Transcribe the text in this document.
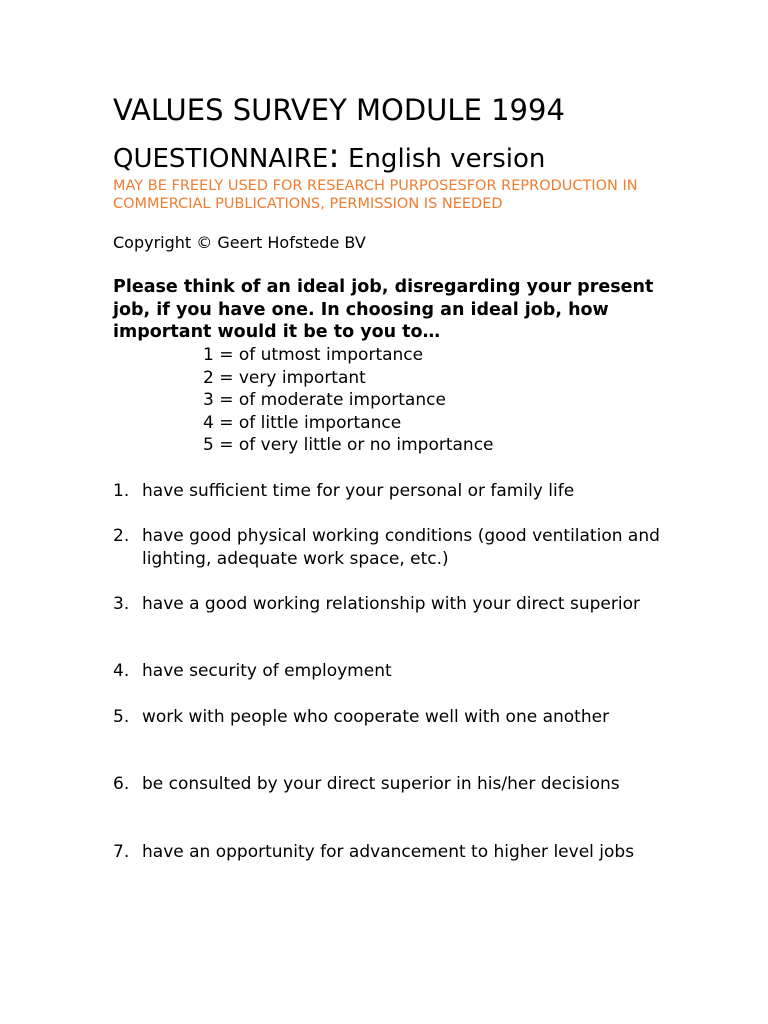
VALUES SURVEY MODULE 1994
QUESTIONNAIRE: English version

MAY BE FREELY USED FOR RESEARCH PURPOSESFOR REPRODUCTION IN COMMERCIAL PUBLICATIONS, PERMISSION IS NEEDED

Copyright © Geert Hofstede BV

Please think of an ideal job, disregarding your present job, if you have one. In choosing an ideal job, how important would it be to you to…

1 = of utmost importance
2 = very important
3 = of moderate importance
4 = of little importance
5 = of very little or no importance
1. have sufficient time for your personal or family life
2. have good physical working conditions (good ventilation and lighting, adequate work space, etc.)
3. have a good working relationship with your direct superior
4. have security of employment
5. work with people who cooperate well with one another
6. be consulted by your direct superior in his/her decisions
7. have an opportunity for advancement to higher level jobs
